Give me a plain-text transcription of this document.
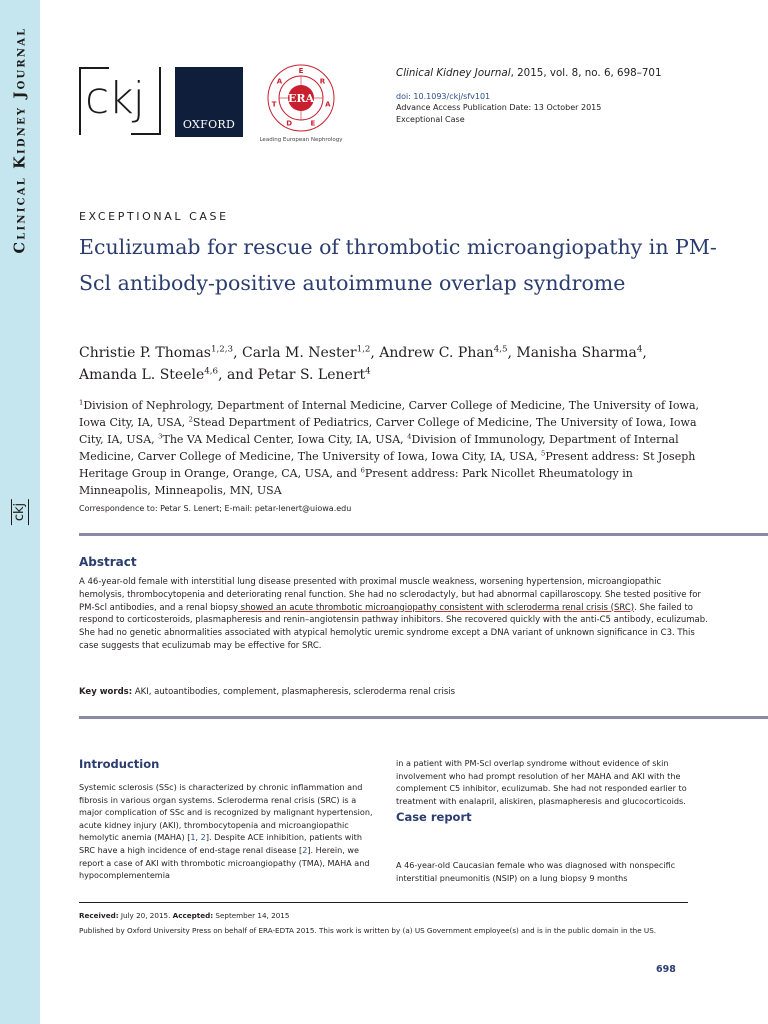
Clinical Kidney Journal
ckj
ckj
OXFORD
ERA
E
R
A
E
D
T
A
Leading European Nephrology
Clinical Kidney Journal, 2015, vol. 8, no. 6, 698–701
doi: 10.1093/ckj/sfv101
Advance Access Publication Date: 13 October 2015
Exceptional Case
EXCEPTIONAL CASE
Eculizumab for rescue of thrombotic microangiopathy in PM-Scl antibody-positive autoimmune overlap syndrome
Christie P. Thomas$^{1,2,3}$, Carla M. Nester$^{1,2}$, Andrew C. Phan$^{4,5}$, Manisha Sharma$^4$, Amanda L. Steele$^{4,6}$, and Petar S. Lenert$^4$
$^1$Division of Nephrology, Department of Internal Medicine, Carver College of Medicine, The University of Iowa, Iowa City, IA, USA, $^2$Stead Department of Pediatrics, Carver College of Medicine, The University of Iowa, Iowa City, IA, USA, $^3$The VA Medical Center, Iowa City, IA, USA, $^4$Division of Immunology, Department of Internal Medicine, Carver College of Medicine, The University of Iowa, Iowa City, IA, USA, $^5$Present address: St Joseph Heritage Group in Orange, Orange, CA, USA, and $^6$Present address: Park Nicollet Rheumatology in Minneapolis, Minneapolis, MN, USA
Correspondence to: Petar S. Lenert; E-mail: petar-lenert@uiowa.edu
Abstract
A 46-year-old female with interstitial lung disease presented with proximal muscle weakness, worsening hypertension, microangiopathic hemolysis, thrombocytopenia and deteriorating renal function. She had no sclerodactyly, but had abnormal capillaroscopy. She tested positive for PM-Scl antibodies, and a renal biopsy showed an acute thrombotic microangiopathy consistent with scleroderma renal crisis (SRC). She failed to respond to corticosteroids, plasmapheresis and renin–angiotensin pathway inhibitors. She recovered quickly with the anti-C5 antibody, eculizumab. She had no genetic abnormalities associated with atypical hemolytic uremic syndrome except a DNA variant of unknown significance in C3. This case suggests that eculizumab may be effective for SRC.
Key words: AKI, autoantibodies, complement, plasmapheresis, scleroderma renal crisis
Introduction
Systemic sclerosis (SSc) is characterized by chronic inflammation and fibrosis in various organ systems. Scleroderma renal crisis (SRC) is a major complication of SSc and is recognized by malignant hypertension, acute kidney injury (AKI), thrombocytopenia and microangiopathic hemolytic anemia (MAHA) [1, 2]. Despite ACE inhibition, patients with SRC have a high incidence of end-stage renal disease [2]. Herein, we report a case of AKI with thrombotic microangiopathy (TMA), MAHA and hypocomplementemia
in a patient with PM-Scl overlap syndrome without evidence of skin involvement who had prompt resolution of her MAHA and AKI with the complement C5 inhibitor, eculizumab. She had not responded earlier to treatment with enalapril, aliskiren, plasmapheresis and glucocorticoids.
Case report
A 46-year-old Caucasian female who was diagnosed with nonspecific interstitial pneumonitis (NSIP) on a lung biopsy 9 months
Received: July 20, 2015. Accepted: September 14, 2015
Published by Oxford University Press on behalf of ERA-EDTA 2015. This work is written by (a) US Government employee(s) and is in the public domain in the US.
698
